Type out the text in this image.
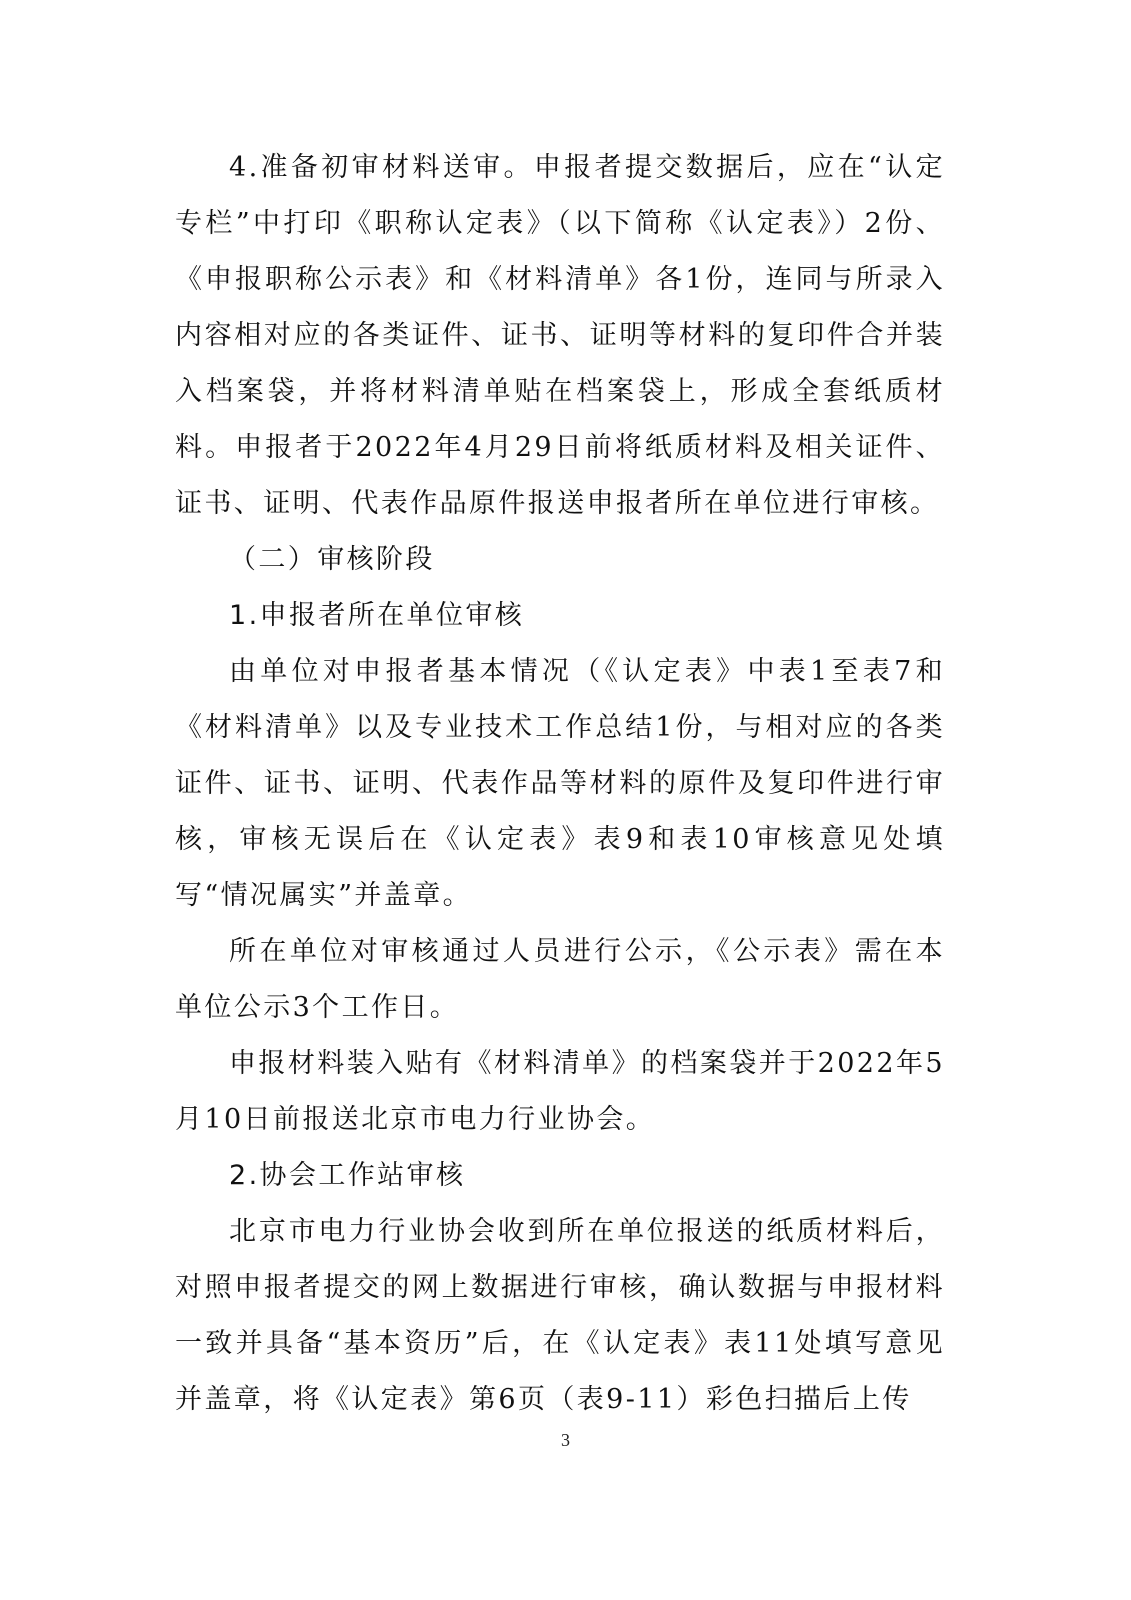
4.准备初审材料送审。申报者提交数据后，应在“认定专栏”中打印《职称认定表》（以下简称《认定表》）2份、《申报职称公示表》和《材料清单》各1份，连同与所录入内容相对应的各类证件、证书、证明等材料的复印件合并装入档案袋，并将材料清单贴在档案袋上，形成全套纸质材料。申报者于2022年4月29日前将纸质材料及相关证件、证书、证明、代表作品原件报送申报者所在单位进行审核。

（二）审核阶段

1.申报者所在单位审核

由单位对申报者基本情况（《认定表》中表1至表7和《材料清单》以及专业技术工作总结1份，与相对应的各类证件、证书、证明、代表作品等材料的原件及复印件进行审核，审核无误后在《认定表》表9和表10审核意见处填写“情况属实”并盖章。

所在单位对审核通过人员进行公示，《公示表》需在本单位公示3个工作日。

申报材料装入贴有《材料清单》的档案袋并于2022年5月10日前报送北京市电力行业协会。

2.协会工作站审核

北京市电力行业协会收到所在单位报送的纸质材料后，对照申报者提交的网上数据进行审核，确认数据与申报材料一致并具备“基本资历”后，在《认定表》表11处填写意见并盖章，将《认定表》第6页（表9-11）彩色扫描后上传

3
